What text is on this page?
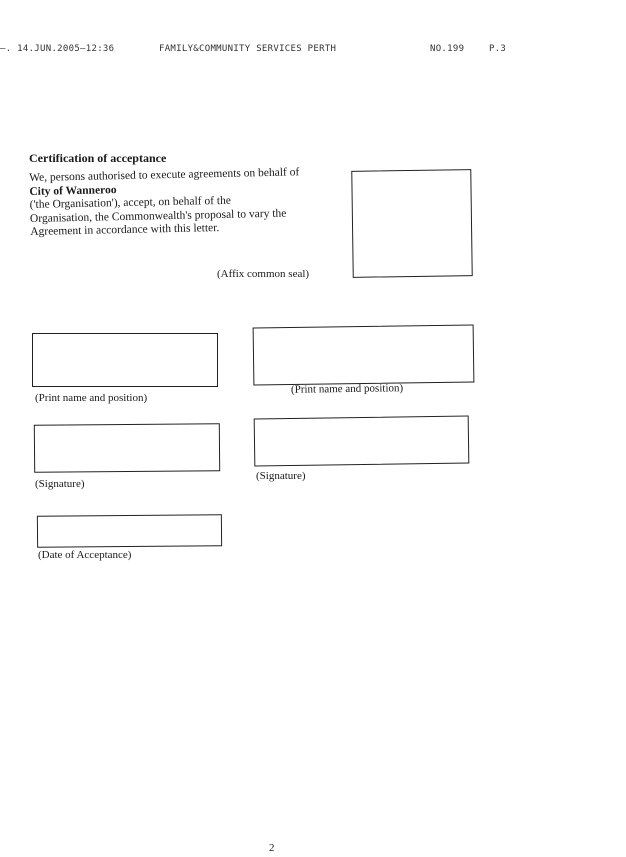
—. 14.JUN.2005—12:36	FAMILY&COMMUNITY SERVICES PERTH	NO.199	P.3
Certification of acceptance

We, persons authorised to execute agreements on behalf of

City of Wanneroo

('the Organisation'), accept, on behalf of the

Organisation, the Commonwealth's proposal to vary the

Agreement in accordance with this letter.

(Affix common seal)
(Print name and position)
(Print name and position)
(Signature)
(Signature)
(Date of Acceptance)
2
